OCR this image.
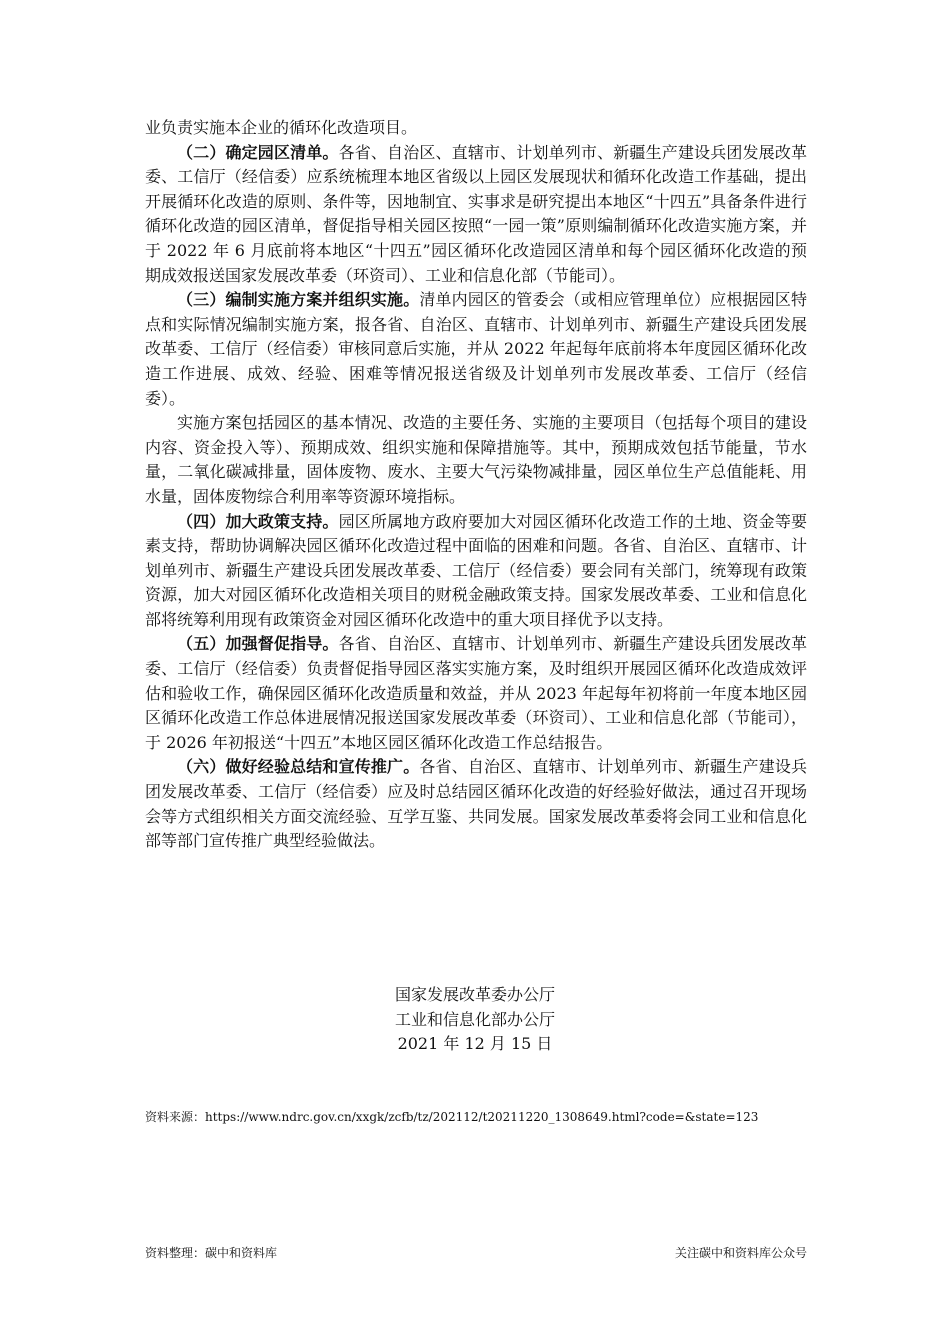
业负责实施本企业的循环化改造项目。

（二）确定园区清单。各省、自治区、直辖市、计划单列市、新疆生产建设兵团发展改革委、工信厅（经信委）应系统梳理本地区省级以上园区发展现状和循环化改造工作基础，提出开展循环化改造的原则、条件等，因地制宜、实事求是研究提出本地区“十四五”具备条件进行循环化改造的园区清单，督促指导相关园区按照“一园一策”原则编制循环化改造实施方案，并于 2022 年 6 月底前将本地区“十四五”园区循环化改造园区清单和每个园区循环化改造的预期成效报送国家发展改革委（环资司）、工业和信息化部（节能司）。

（三）编制实施方案并组织实施。清单内园区的管委会（或相应管理单位）应根据园区特点和实际情况编制实施方案，报各省、自治区、直辖市、计划单列市、新疆生产建设兵团发展改革委、工信厅（经信委）审核同意后实施，并从 2022 年起每年底前将本年度园区循环化改造工作进展、成效、经验、困难等情况报送省级及计划单列市发展改革委、工信厅（经信委）。

实施方案包括园区的基本情况、改造的主要任务、实施的主要项目（包括每个项目的建设内容、资金投入等）、预期成效、组织实施和保障措施等。其中，预期成效包括节能量，节水量，二氧化碳减排量，固体废物、废水、主要大气污染物减排量，园区单位生产总值能耗、用水量，固体废物综合利用率等资源环境指标。

（四）加大政策支持。园区所属地方政府要加大对园区循环化改造工作的土地、资金等要素支持，帮助协调解决园区循环化改造过程中面临的困难和问题。各省、自治区、直辖市、计划单列市、新疆生产建设兵团发展改革委、工信厅（经信委）要会同有关部门，统筹现有政策资源，加大对园区循环化改造相关项目的财税金融政策支持。国家发展改革委、工业和信息化部将统筹利用现有政策资金对园区循环化改造中的重大项目择优予以支持。

（五）加强督促指导。各省、自治区、直辖市、计划单列市、新疆生产建设兵团发展改革委、工信厅（经信委）负责督促指导园区落实实施方案，及时组织开展园区循环化改造成效评估和验收工作，确保园区循环化改造质量和效益，并从 2023 年起每年初将前一年度本地区园区循环化改造工作总体进展情况报送国家发展改革委（环资司）、工业和信息化部（节能司），于 2026 年初报送“十四五”本地区园区循环化改造工作总结报告。

（六）做好经验总结和宣传推广。各省、自治区、直辖市、计划单列市、新疆生产建设兵团发展改革委、工信厅（经信委）应及时总结园区循环化改造的好经验好做法，通过召开现场会等方式组织相关方面交流经验、互学互鉴、共同发展。国家发展改革委将会同工业和信息化部等部门宣传推广典型经验做法。

国家发展改革委办公厅
工业和信息化部办公厅
2021 年 12 月 15 日
资料来源：https://www.ndrc.gov.cn/xxgk/zcfb/tz/202112/t20211220_1308649.html?code=&state=123
资料整理：碳中和资料库	关注碳中和资料库公众号
